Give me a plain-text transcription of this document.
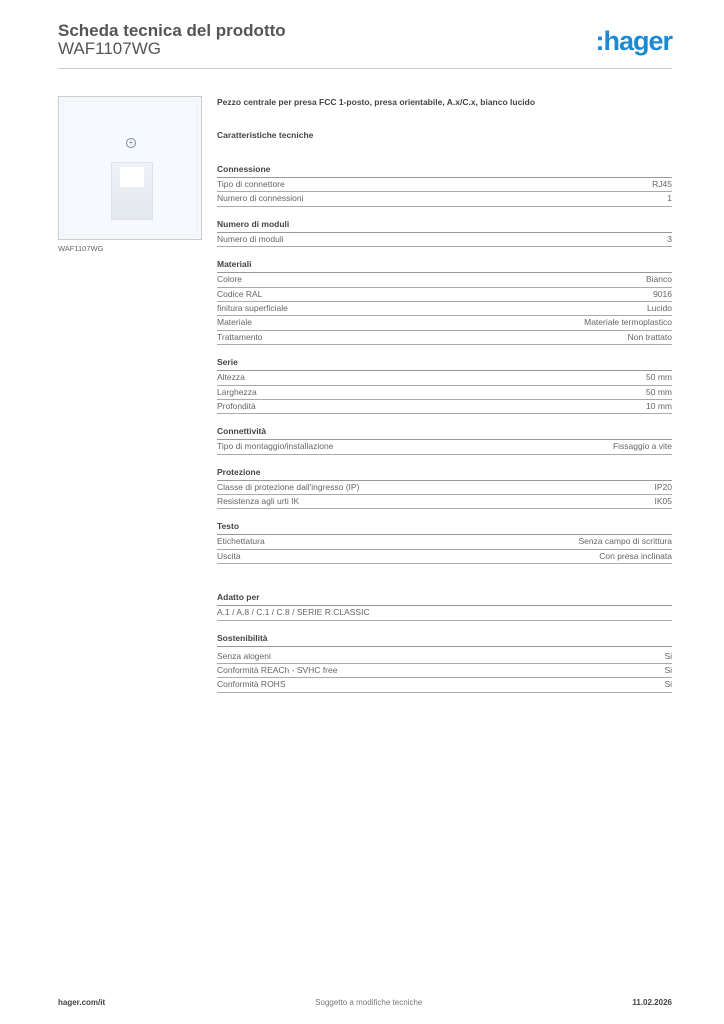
Scheda tecnica del prodotto
WAF1107WG	:hager
+
WAF1107WG
Pezzo centrale per presa FCC 1-posto, presa orientabile, A.x/C.x, bianco lucido
Caratteristiche tecniche
Connessione
Tipo di connettore	RJ45
Numero di connessioni	1
Numero di moduli
Numero di moduli	3
Materiali
Colore	Bianco
Codice RAL	9016
finitura superficiale	Lucido
Materiale	Materiale termoplastico
Trattamento	Non trattato
Serie
Altezza	50 mm
Larghezza	50 mm
Profondità	10 mm
Connettività
Tipo di montaggio/installazione	Fissaggio a vite
Protezione
Classe di protezione dall'ingresso (IP)	IP20
Resistenza agli urti IK	IK05
Testo
Etichettatura	Senza campo di scrittura
Uscita	Con presa inclinata
Adatto per
A.1 / A.8 / C.1 / C.8 / SERIE R.CLASSIC
Sostenibilità
Senza alogeni	Si
Conformità REACh - SVHC free	Si
Conformità ROHS	Si
hager.com/it	Soggetto a modifiche tecniche	11.02.2026
